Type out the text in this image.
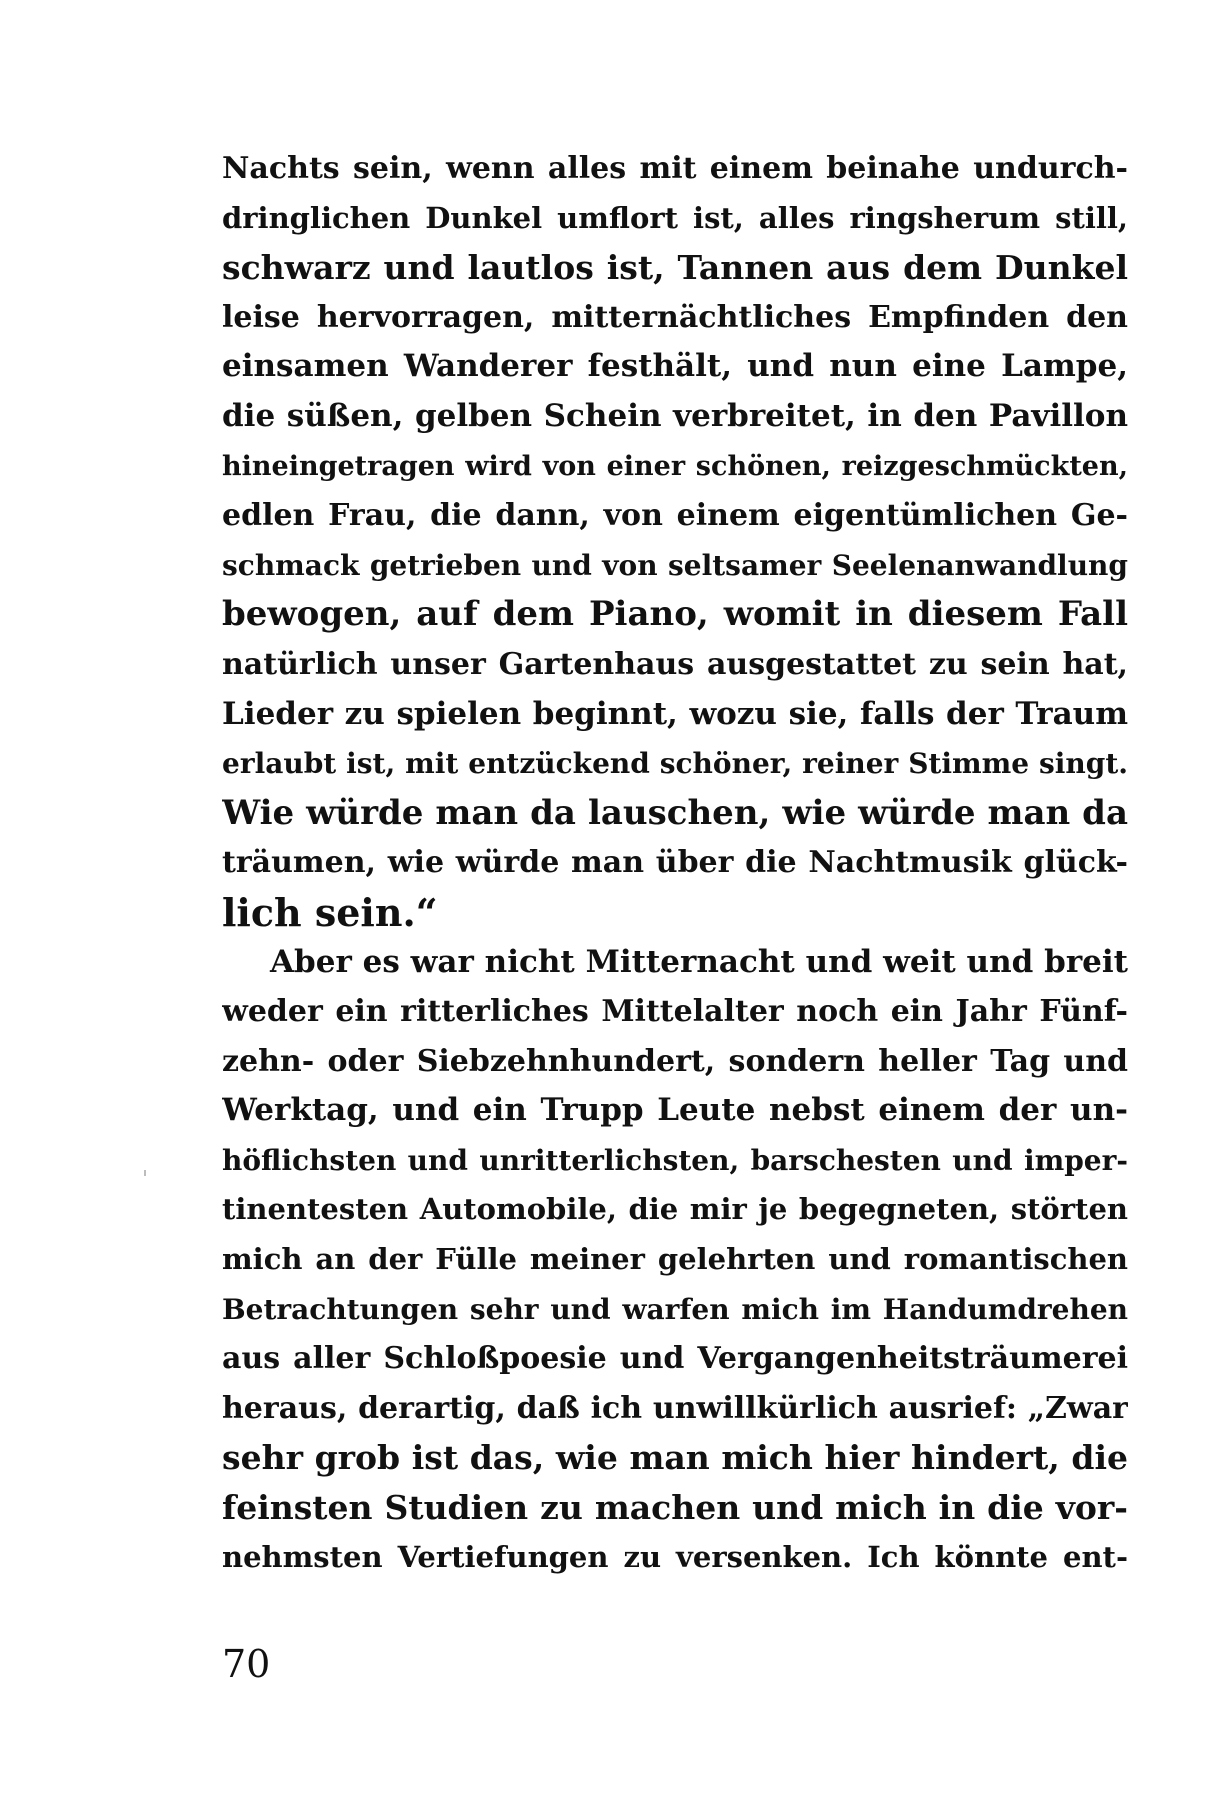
Nachts sein, wenn alles mit einem beinahe undurch-
dringlichen Dunkel umflort ist, alles ringsherum still,
schwarz und lautlos ist, Tannen aus dem Dunkel
leise hervorragen, mitternächtliches Empfinden den
einsamen Wanderer festhält, und nun eine Lampe,
die süßen, gelben Schein verbreitet, in den Pavillon
hineingetragen wird von einer schönen, reizgeschmückten,
edlen Frau, die dann, von einem eigentümlichen Ge-
schmack getrieben und von seltsamer Seelenanwandlung
bewogen, auf dem Piano, womit in diesem Fall
natürlich unser Gartenhaus ausgestattet zu sein hat,
Lieder zu spielen beginnt, wozu sie, falls der Traum
erlaubt ist, mit entzückend schöner, reiner Stimme singt.
Wie würde man da lauschen, wie würde man da
träumen, wie würde man über die Nachtmusik glück-
lich sein.“
Aber es war nicht Mitternacht und weit und breit
weder ein ritterliches Mittelalter noch ein Jahr Fünf-
zehn- oder Siebzehnhundert, sondern heller Tag und
Werktag, und ein Trupp Leute nebst einem der un-
höflichsten und unritterlichsten, barschesten und imper-
tinentesten Automobile, die mir je begegneten, störten
mich an der Fülle meiner gelehrten und romantischen
Betrachtungen sehr und warfen mich im Handumdrehen
aus aller Schloßpoesie und Vergangenheitsträumerei
heraus, derartig, daß ich unwillkürlich ausrief: „Zwar
sehr grob ist das, wie man mich hier hindert, die
feinsten Studien zu machen und mich in die vor-
nehmsten Vertiefungen zu versenken. Ich könnte ent-
70
